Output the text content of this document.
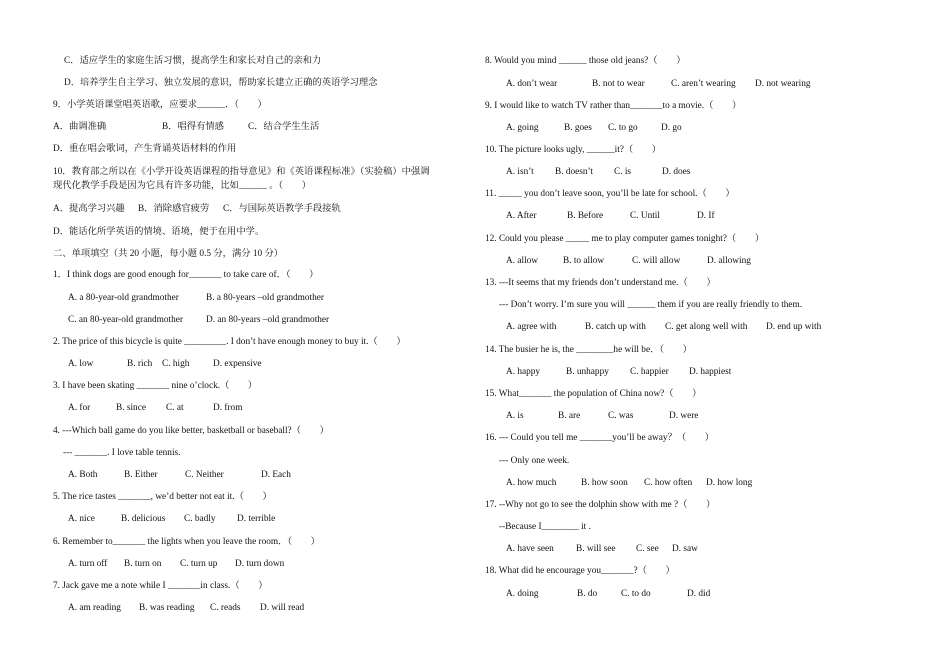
C．适应学生的家庭生活习惯，提高学生和家长对自己的亲和力
D．培养学生自主学习、独立发展的意识，帮助家长建立正确的英语学习理念
9．小学英语课堂唱英语歌，应要求______．（　　）
A．曲调准确	B．唱得有情感	C．结合学生生活
D．重在唱会歌词，产生背诵英语材料的作用
10．教育部之所以在《小学开设英语课程的指导意见》和《英语课程标准》（实验稿）中强调
现代化教学手段是因为它具有许多功能，比如______ 。（　　）
A．提高学习兴趣 B．消除感官疲劳 C．与国际英语教学手段接轨
D．能话化所学英语的情境、语境，便于在用中学。
二、单项填空（共 20 小题，每小题 0.5 分，满分 10 分）
1．I think dogs are good enough for_______ to take care of．（　　）
A. a 80-year-old grandmother	B. a 80-years –old grandmother
C. an 80-year-old grandmother D. an 80-years –old grandmother
2. The price of this bicycle is quite _________. I don’t have enough money to buy it.（　　）
A. low	B. rich C. high	D. expensive
3. I have been skating _______ nine o’clock.（　　）
A. for	B. since C. at	D. from
4. ---Which ball game do you like better, basketball or baseball?（　　）
--- _______. I love table tennis.
A. Both	B. Either	C. Neither	D. Each
5. The rice tastes _______, we’d better not eat it.（　　）
A. nice	B. delicious C. badly D. terrible
6. Remember to_______ the lights when you leave the room．（　　）
A. turn off B. turn on C. turn up D. turn down
7. Jack gave me a note while I _______in class.（　　）
A. am reading B. was reading C. reads D. will read
8. Would you mind ______ those old jeans?（　　）
A. don’t wear	B. not to wear	C. aren’t wearing D. not wearing
9. I would like to watch TV rather than_______to a movie.（　　）
A. going	B. goes C. to go	D. go
10. The picture looks ugly, ______it?（　　）
A. isn’t B. doesn’t C. is	D. does
11. _____ you don’t leave soon, you’ll be late for school.（　　）
A. After	B. Before	C. Until	D. If
12. Could you please _____ me to play computer games tonight?（　　）
A. allow	B. to allow	C. will allow	D. allowing
13. ---It seems that my friends don’t understand me.（　　）
--- Don’t worry. I’m sure you will ______ them if you are really friendly to them.
A. agree with	B. catch up with C. get along well with D. end up with
14. The busier he is, the ________he will be．（　　）
A. happy	B. unhappy C. happier D. happiest
15. What_______ the population of China now?（　　）
A. is	B. are	C. was	D. were
16. --- Could you tell me _______you’ll be away？（　　）
--- Only one week.
A. how much	B. how soon C. how often D. how long
17. --Why not go to see the dolphin show with me ?（　　）
--Because I________ it .
A. have seen B. will see C. see D. saw
18. What did he encourage you_______?（　　）
A. doing	B. do	C. to do	D. did
